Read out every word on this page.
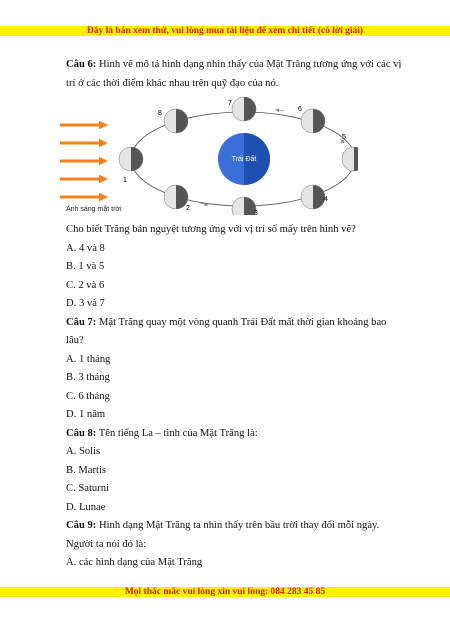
Đây là bản xem thử, vui lòng mua tài liệu để xem chi tiết (có lời giải)

Câu 6: Hình vẽ mô tả hình dạng nhìn thấy của Mặt Trăng tương ứng với các vị trí ở các thời điểm khác nhau trên quỹ đạo của nó.

Ánh sáng mặt trời
Trái Đất
1
2
3
4
5
6
7
8

Cho biết Trăng bán nguyệt tương ứng với vị trí số mấy trên hình vẽ?

A. 4 và 8

B. 1 và 5

C. 2 và 6

D. 3 và 7

Câu 7: Mặt Trăng quay một vòng quanh Trái Đất mất thời gian khoảng bao lâu?

A. 1 tháng

B. 3 tháng

C. 6 tháng

D. 1 năm

Câu 8: Tên tiếng La – tinh của Mặt Trăng là:

A. Solis

B. Martis

C. Saturni

D. Lunae

Câu 9: Hình dạng Mặt Trăng ta nhìn thấy trên bầu trời thay đổi mỗi ngày. Người ta nói đó là:

A. các hình dạng của Mặt Trăng

Mọi thắc mắc vui lòng xin vui lòng: 084 283 45 85
